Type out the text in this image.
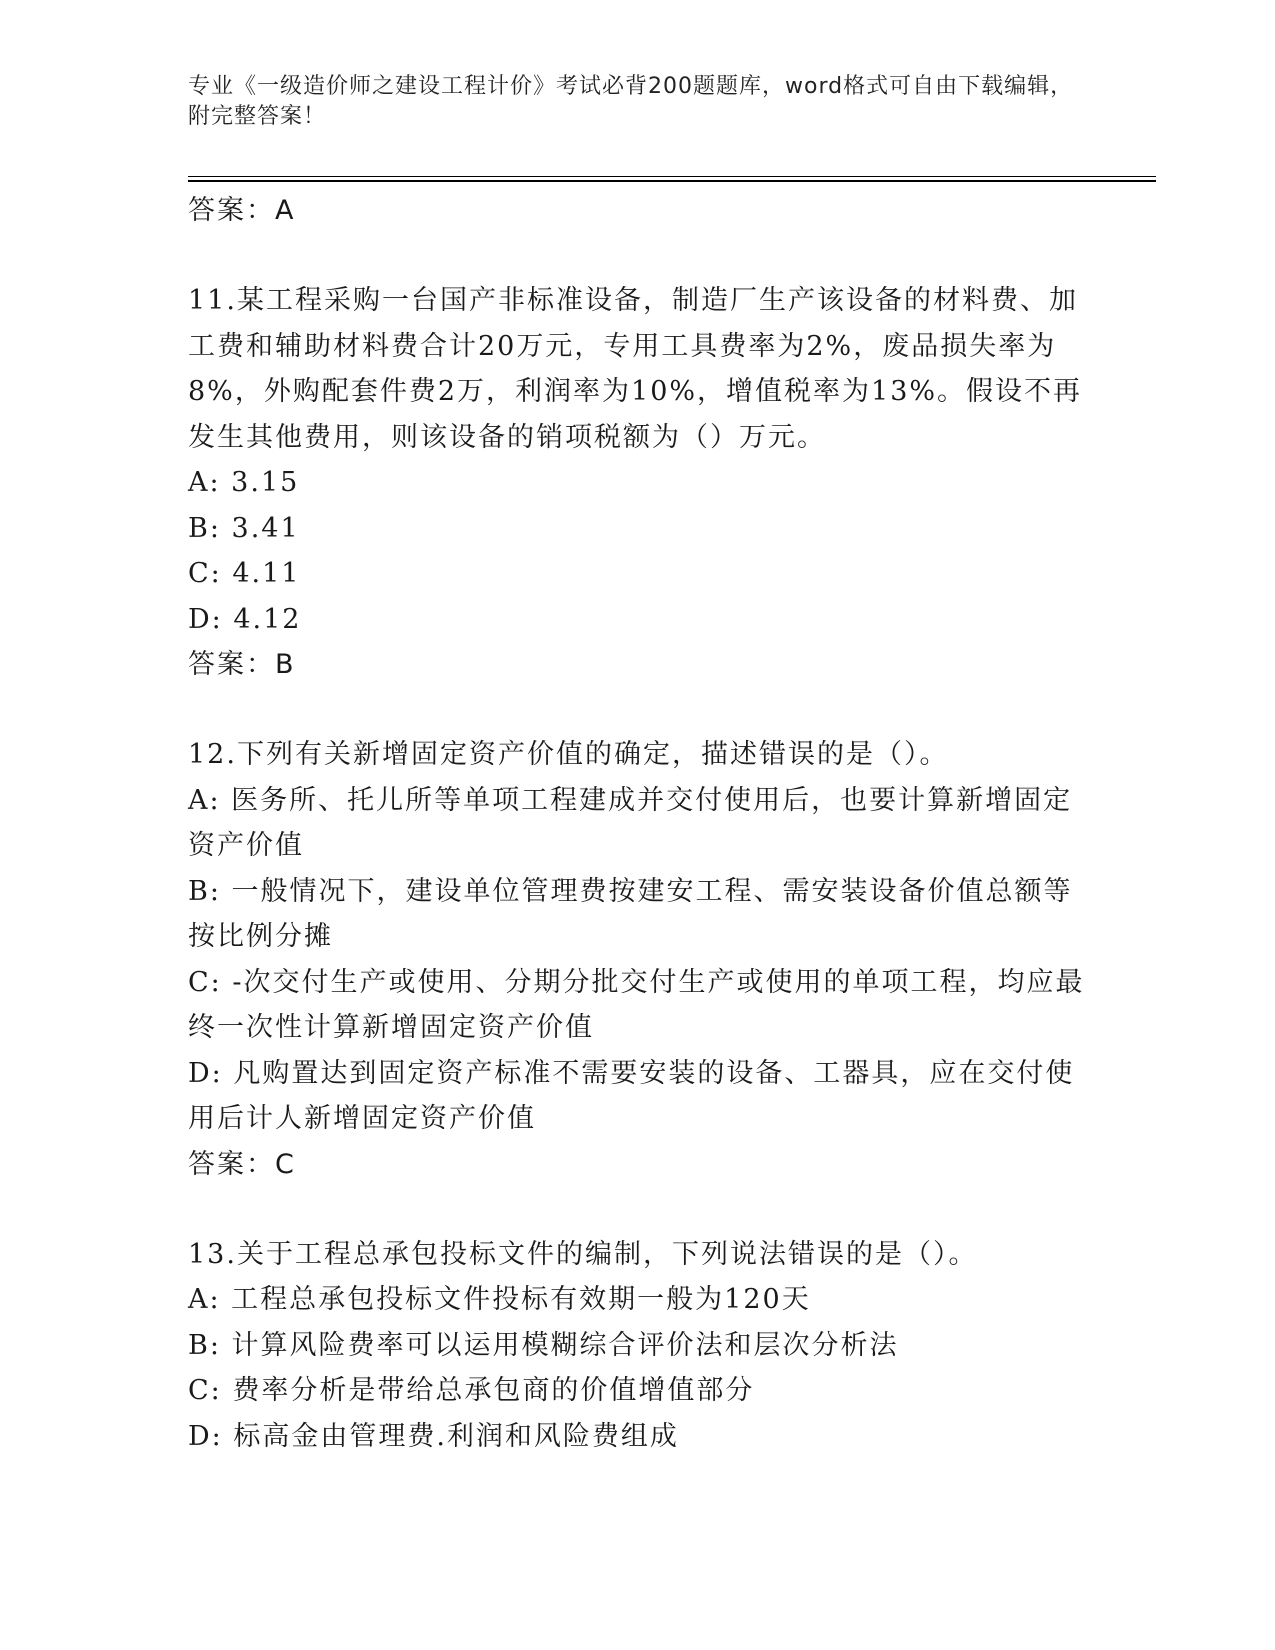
专业《一级造价师之建设工程计价》考试必背200题题库，word格式可自由下载编辑，附完整答案！
答案：A
11.某工程采购一台国产非标准设备，制造厂生产该设备的材料费、加工费和辅助材料费合计20万元，专用工具费率为2%，废品损失率为8%，外购配套件费2万，利润率为10%，增值税率为13%。假设不再发生其他费用，则该设备的销项税额为（）万元。
A: 3.15
B: 3.41
C: 4.11
D: 4.12
答案：B
12.下列有关新增固定资产价值的确定，描述错误的是（）。
A: 医务所、托儿所等单项工程建成并交付使用后，也要计算新增固定资产价值
B: 一般情况下，建设单位管理费按建安工程、需安装设备价值总额等按比例分摊
C: -次交付生产或使用、分期分批交付生产或使用的单项工程，均应最终一次性计算新增固定资产价值
D: 凡购置达到固定资产标准不需要安装的设备、工器具，应在交付使用后计人新增固定资产价值
答案：C
13.关于工程总承包投标文件的编制，下列说法错误的是（）。
A: 工程总承包投标文件投标有效期一般为120天
B: 计算风险费率可以运用模糊综合评价法和层次分析法
C: 费率分析是带给总承包商的价值增值部分
D: 标高金由管理费.利润和风险费组成
